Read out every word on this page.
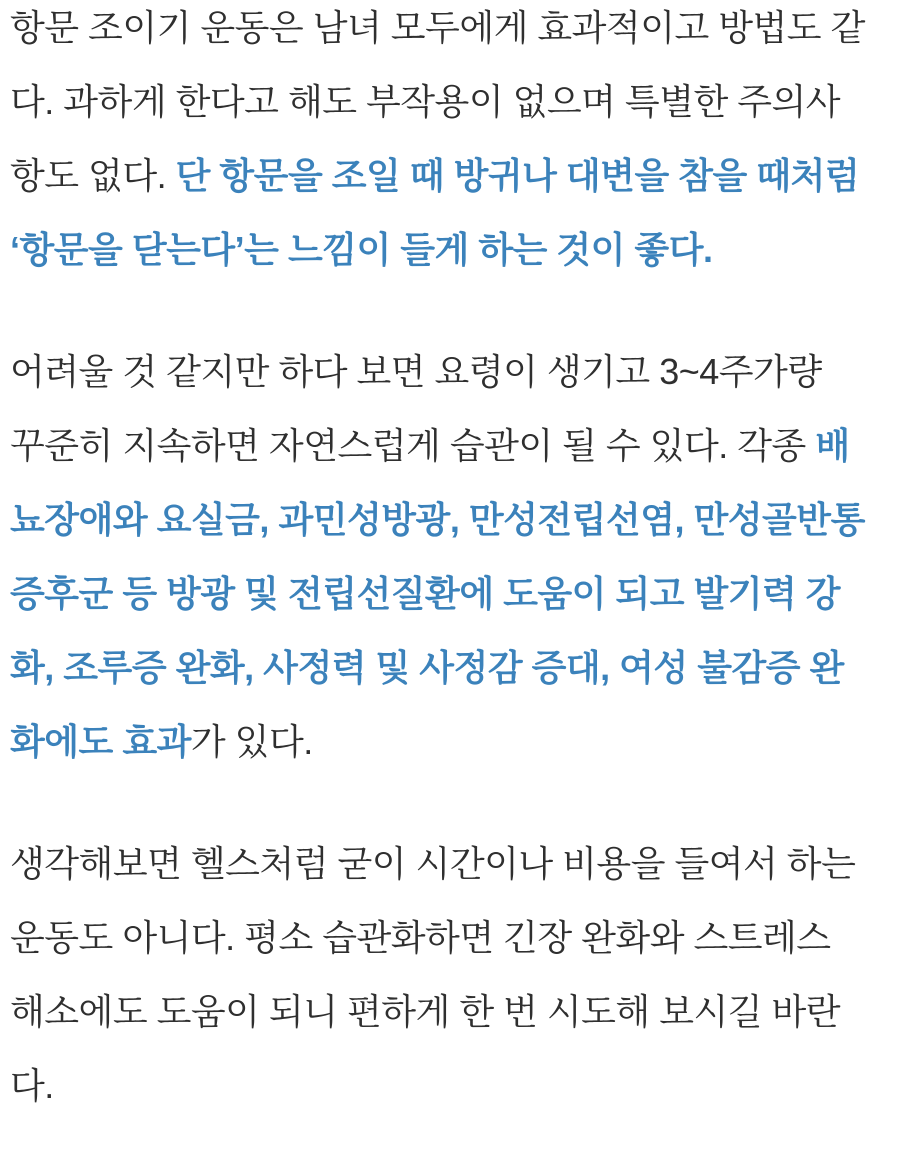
항문 조이기 운동은 남녀 모두에게 효과적이고 방법도 같
다. 과하게 한다고 해도 부작용이 없으며 특별한 주의사
항도 없다. 단 항문을 조일 때 방귀나 대변을 참을 때처럼
‘항문을 닫는다’는 느낌이 들게 하는 것이 좋다.

어려울 것 같지만 하다 보면 요령이 생기고 3~4주가량
꾸준히 지속하면 자연스럽게 습관이 될 수 있다. 각종 배
뇨장애와 요실금, 과민성방광, 만성전립선염, 만성골반통
증후군 등 방광 및 전립선질환에 도움이 되고 발기력 강
화, 조루증 완화, 사정력 및 사정감 증대, 여성 불감증 완
화에도 효과가 있다.

생각해보면 헬스처럼 굳이 시간이나 비용을 들여서 하는
운동도 아니다. 평소 습관화하면 긴장 완화와 스트레스
해소에도 도움이 되니 편하게 한 번 시도해 보시길 바란
다.
